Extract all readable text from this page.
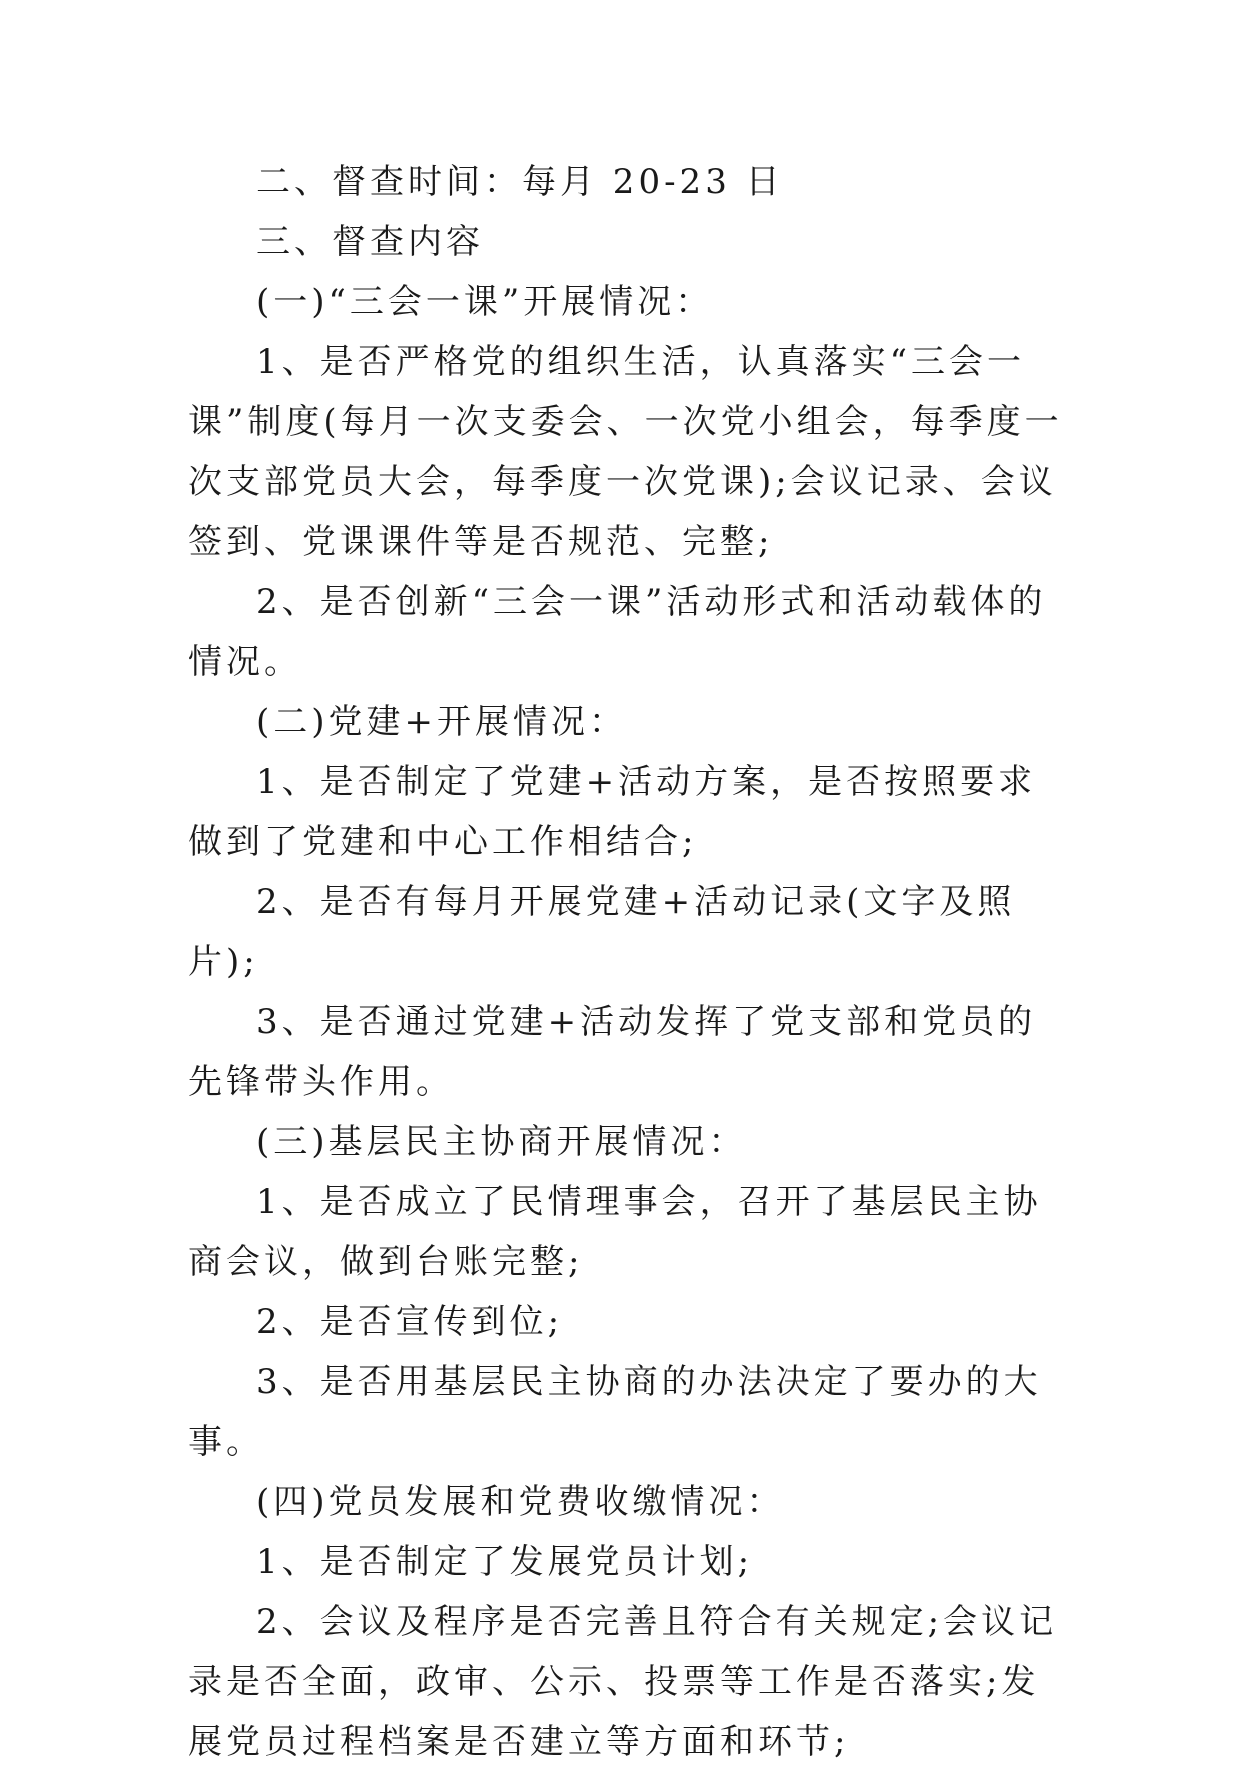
二、督查时间：每月 20-23 日

三、督查内容

(一)“三会一课”开展情况：

1、是否严格党的组织生活，认真落实“三会一课”制度(每月一次支委会、一次党小组会，每季度一次支部党员大会，每季度一次党课);会议记录、会议签到、党课课件等是否规范、完整;

2、是否创新“三会一课”活动形式和活动载体的情况。

(二)党建+开展情况：

1、是否制定了党建+活动方案，是否按照要求做到了党建和中心工作相结合;

2、是否有每月开展党建+活动记录(文字及照片);

3、是否通过党建+活动发挥了党支部和党员的先锋带头作用。

(三)基层民主协商开展情况：

1、是否成立了民情理事会，召开了基层民主协商会议，做到台账完整;

2、是否宣传到位;

3、是否用基层民主协商的办法决定了要办的大事。

(四)党员发展和党费收缴情况：

1、是否制定了发展党员计划;

2、会议及程序是否完善且符合有关规定;会议记录是否全面，政审、公示、投票等工作是否落实;发展党员过程档案是否建立等方面和环节;
